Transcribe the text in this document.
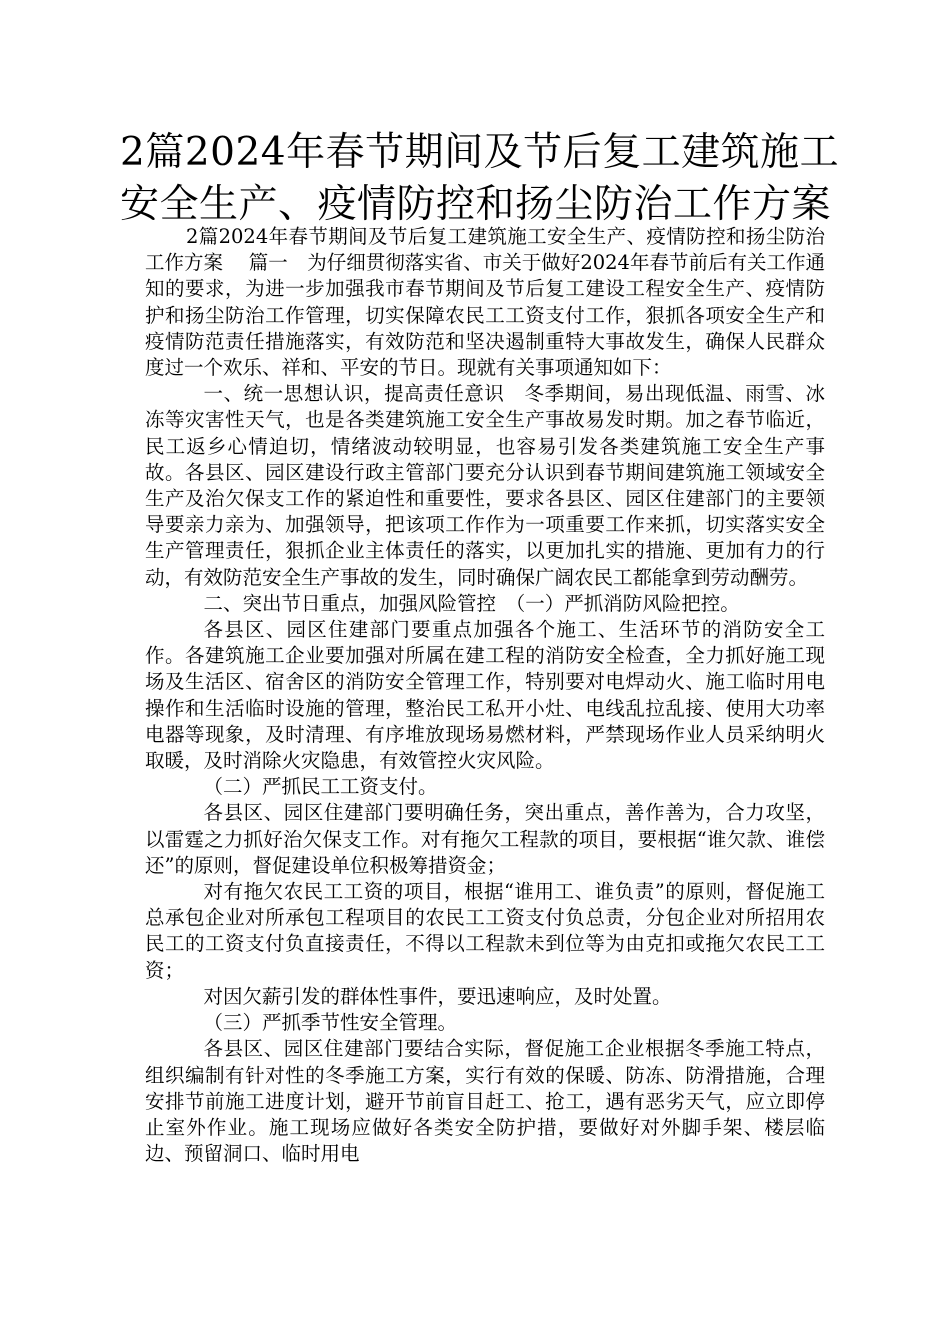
2篇2024年春节期间及节后复工建筑施工
安全生产、疫情防控和扬尘防治工作方案

2篇2024年春节期间及节后复工建筑施工安全生产、疫情防控和扬尘防治工作方案　 篇一　为仔细贯彻落实省、市关于做好2024年春节前后有关工作通知的要求，为进一步加强我市春节期间及节后复工建设工程安全生产、疫情防护和扬尘防治工作管理，切实保障农民工工资支付工作，狠抓各项安全生产和疫情防范责任措施落实，有效防范和坚决遏制重特大事故发生，确保人民群众度过一个欢乐、祥和、平安的节日。现就有关事项通知如下：

一、统一思想认识，提高责任意识　冬季期间，易出现低温、雨雪、冰冻等灾害性天气，也是各类建筑施工安全生产事故易发时期。加之春节临近，民工返乡心情迫切，情绪波动较明显，也容易引发各类建筑施工安全生产事故。各县区、园区建设行政主管部门要充分认识到春节期间建筑施工领域安全生产及治欠保支工作的紧迫性和重要性，要求各县区、园区住建部门的主要领导要亲力亲为、加强领导，把该项工作作为一项重要工作来抓，切实落实安全生产管理责任，狠抓企业主体责任的落实，以更加扎实的措施、更加有力的行动，有效防范安全生产事故的发生，同时确保广阔农民工都能拿到劳动酬劳。

二、突出节日重点，加强风险管控　（一）严抓消防风险把控。

各县区、园区住建部门要重点加强各个施工、生活环节的消防安全工作。各建筑施工企业要加强对所属在建工程的消防安全检查，全力抓好施工现场及生活区、宿舍区的消防安全管理工作，特别要对电焊动火、施工临时用电操作和生活临时设施的管理，整治民工私开小灶、电线乱拉乱接、使用大功率电器等现象，及时清理、有序堆放现场易燃材料，严禁现场作业人员采纳明火取暖，及时消除火灾隐患，有效管控火灾风险。

（二）严抓民工工资支付。

各县区、园区住建部门要明确任务，突出重点，善作善为，合力攻坚，以雷霆之力抓好治欠保支工作。对有拖欠工程款的项目，要根据“谁欠款、谁偿还”的原则，督促建设单位积极筹措资金；

对有拖欠农民工工资的项目，根据“谁用工、谁负责”的原则，督促施工总承包企业对所承包工程项目的农民工工资支付负总责，分包企业对所招用农民工的工资支付负直接责任，不得以工程款未到位等为由克扣或拖欠农民工工资；

对因欠薪引发的群体性事件，要迅速响应，及时处置。

（三）严抓季节性安全管理。

各县区、园区住建部门要结合实际，督促施工企业根据冬季施工特点，组织编制有针对性的冬季施工方案，实行有效的保暖、防冻、防滑措施，合理安排节前施工进度计划，避开节前盲目赶工、抢工，遇有恶劣天气，应立即停止室外作业。施工现场应做好各类安全防护措，要做好对外脚手架、楼层临边、预留洞口、临时用电
